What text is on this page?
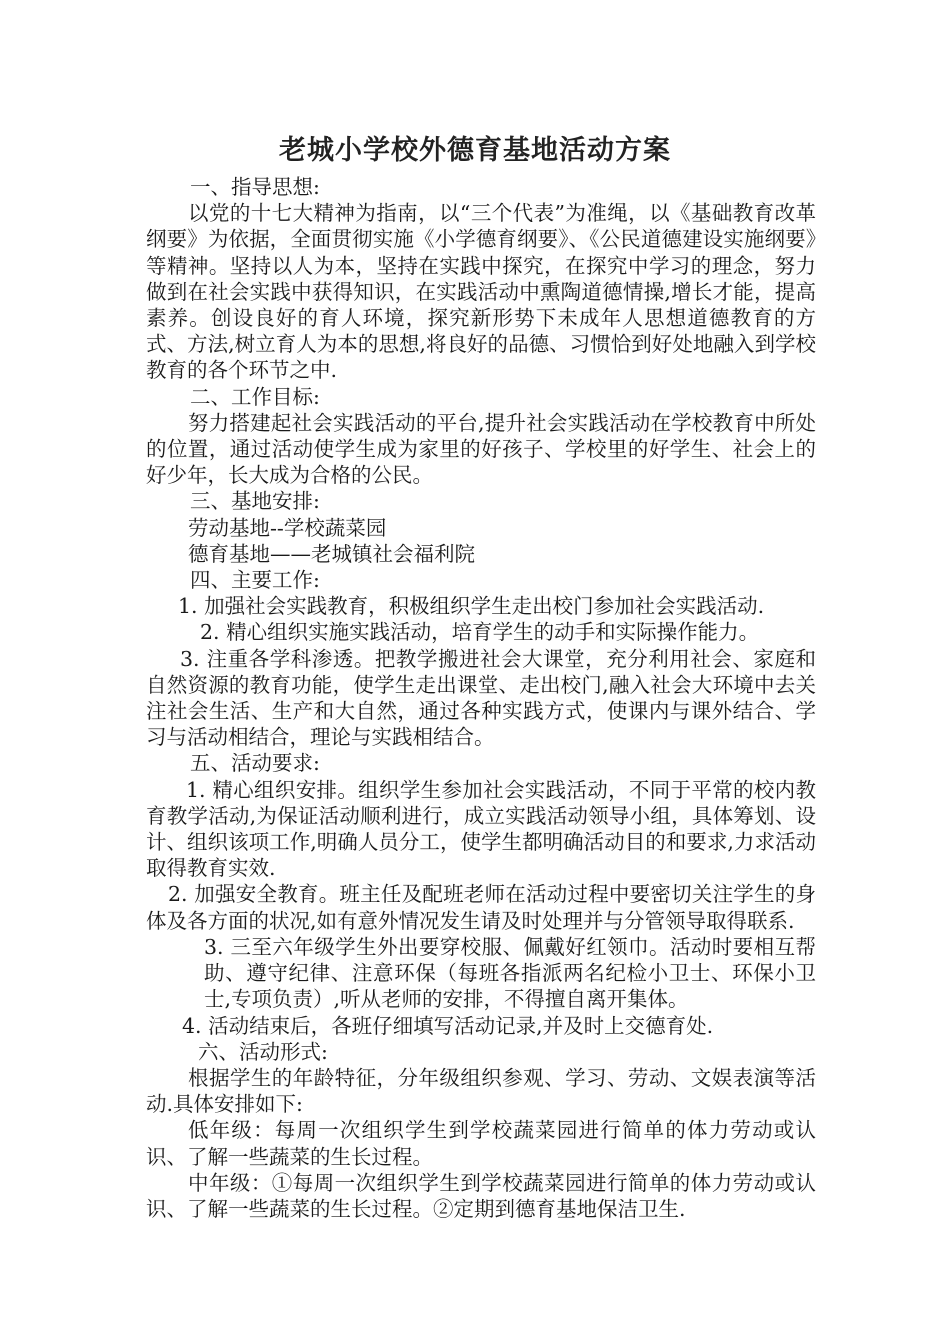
老城小学校外德育基地活动方案

一、指导思想:

以党的十七大精神为指南，以“三个代表”为准绳，以《基础教育改革纲要》为依据，全面贯彻实施《小学德育纲要》、《公民道德建设实施纲要》等精神。坚持以人为本，坚持在实践中探究，在探究中学习的理念，努力做到在社会实践中获得知识，在实践活动中熏陶道德情操,增长才能，提高素养。创设良好的育人环境，探究新形势下未成年人思想道德教育的方式、方法,树立育人为本的思想,将良好的品德、习惯恰到好处地融入到学校教育的各个环节之中.

二、工作目标:

努力搭建起社会实践活动的平台,提升社会实践活动在学校教育中所处的位置，通过活动使学生成为家里的好孩子、学校里的好学生、社会上的好少年，长大成为合格的公民。

三、基地安排:

劳动基地--学校蔬菜园

德育基地——老城镇社会福利院

四、主要工作:

1. 加强社会实践教育，积极组织学生走出校门参加社会实践活动.

2. 精心组织实施实践活动，培育学生的动手和实际操作能力。

3. 注重各学科渗透。把教学搬进社会大课堂，充分利用社会、家庭和自然资源的教育功能，使学生走出课堂、走出校门,融入社会大环境中去关注社会生活、生产和大自然，通过各种实践方式，使课内与课外结合、学习与活动相结合，理论与实践相结合。

五、活动要求:

1. 精心组织安排。组织学生参加社会实践活动，不同于平常的校内教育教学活动,为保证活动顺利进行，成立实践活动领导小组，具体筹划、设计、组织该项工作,明确人员分工，使学生都明确活动目的和要求,力求活动取得教育实效.

2. 加强安全教育。班主任及配班老师在活动过程中要密切关注学生的身体及各方面的状况,如有意外情况发生请及时处理并与分管领导取得联系.

3. 三至六年级学生外出要穿校服、佩戴好红领巾。活动时要相互帮助、遵守纪律、注意环保（每班各指派两名纪检小卫士、环保小卫士,专项负责）,听从老师的安排，不得擅自离开集体。

4. 活动结束后，各班仔细填写活动记录,并及时上交德育处.

六、活动形式:

根据学生的年龄特征，分年级组织参观、学习、劳动、文娱表演等活动.具体安排如下:

低年级：每周一次组织学生到学校蔬菜园进行简单的体力劳动或认识、了解一些蔬菜的生长过程。

中年级：①每周一次组织学生到学校蔬菜园进行简单的体力劳动或认识、了解一些蔬菜的生长过程。②定期到德育基地保洁卫生.
